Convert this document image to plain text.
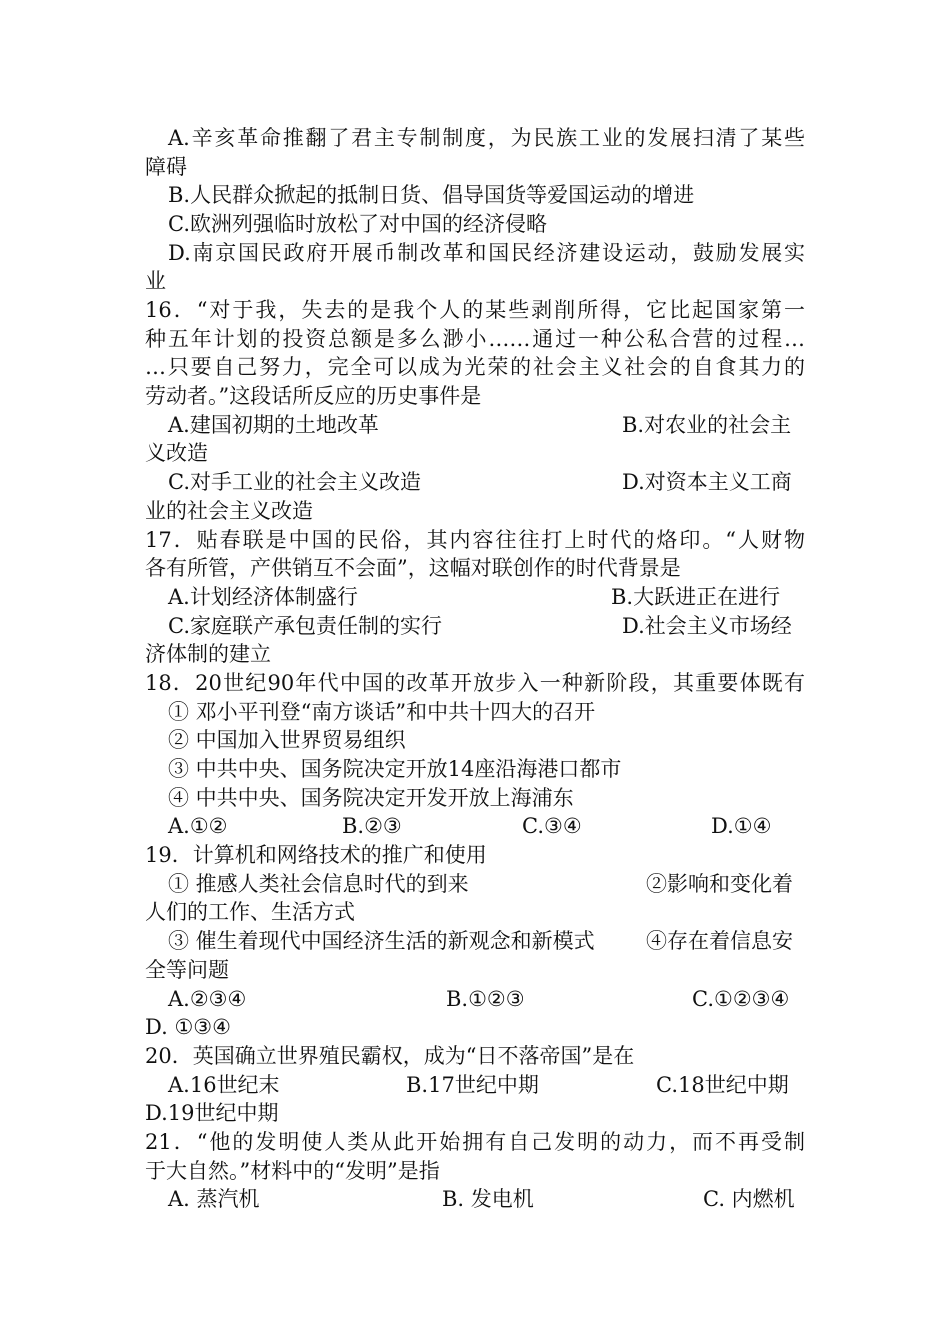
A.辛亥革命推翻了君主专制制度，为民族工业的发展扫清了某些
障碍
B.人民群众掀起的抵制日货、倡导国货等爱国运动的增进
C.欧洲列强临时放松了对中国的经济侵略
D.南京国民政府开展币制改革和国民经济建设运动，鼓励发展实
业
16．“对于我，失去的是我个人的某些剥削所得，它比起国家第一
种五年计划的投资总额是多么渺小……通过一种公私合营的过程…
…只要自己努力，完全可以成为光荣的社会主义社会的自食其力的
劳动者。”这段话所反应的历史事件是
A.建国初期的土地改革	B.对农业的社会主
义改造
C.对手工业的社会主义改造	D.对资本主义工商
业的社会主义改造
17．贴春联是中国的民俗，其内容往往打上时代的烙印。“人财物
各有所管，产供销互不会面”，这幅对联创作的时代背景是
A.计划经济体制盛行	B.大跃进正在进行
C.家庭联产承包责任制的实行	D.社会主义市场经
济体制的建立
18．20世纪90年代中国的改革开放步入一种新阶段，其重要体既有
① 邓小平刊登“南方谈话”和中共十四大的召开
② 中国加入世界贸易组织
③ 中共中央、国务院决定开放14座沿海港口都市
④ 中共中央、国务院决定开发开放上海浦东
A.①②	B.②③	C.③④	D.①④
19．计算机和网络技术的推广和使用
① 推感人类社会信息时代的到来	②影响和变化着
人们的工作、生活方式
③ 催生着现代中国经济生活的新观念和新模式 ④存在着信息安
全等问题
A.②③④	B.①②③	C.①②③④
D. ①③④
20．英国确立世界殖民霸权，成为“日不落帝国”是在
A.16世纪末	B.17世纪中期	C.18世纪中期
D.19世纪中期
21．“他的发明使人类从此开始拥有自己发明的动力，而不再受制
于大自然。”材料中的“发明”是指
A. 蒸汽机	B. 发电机	C. 内燃机
